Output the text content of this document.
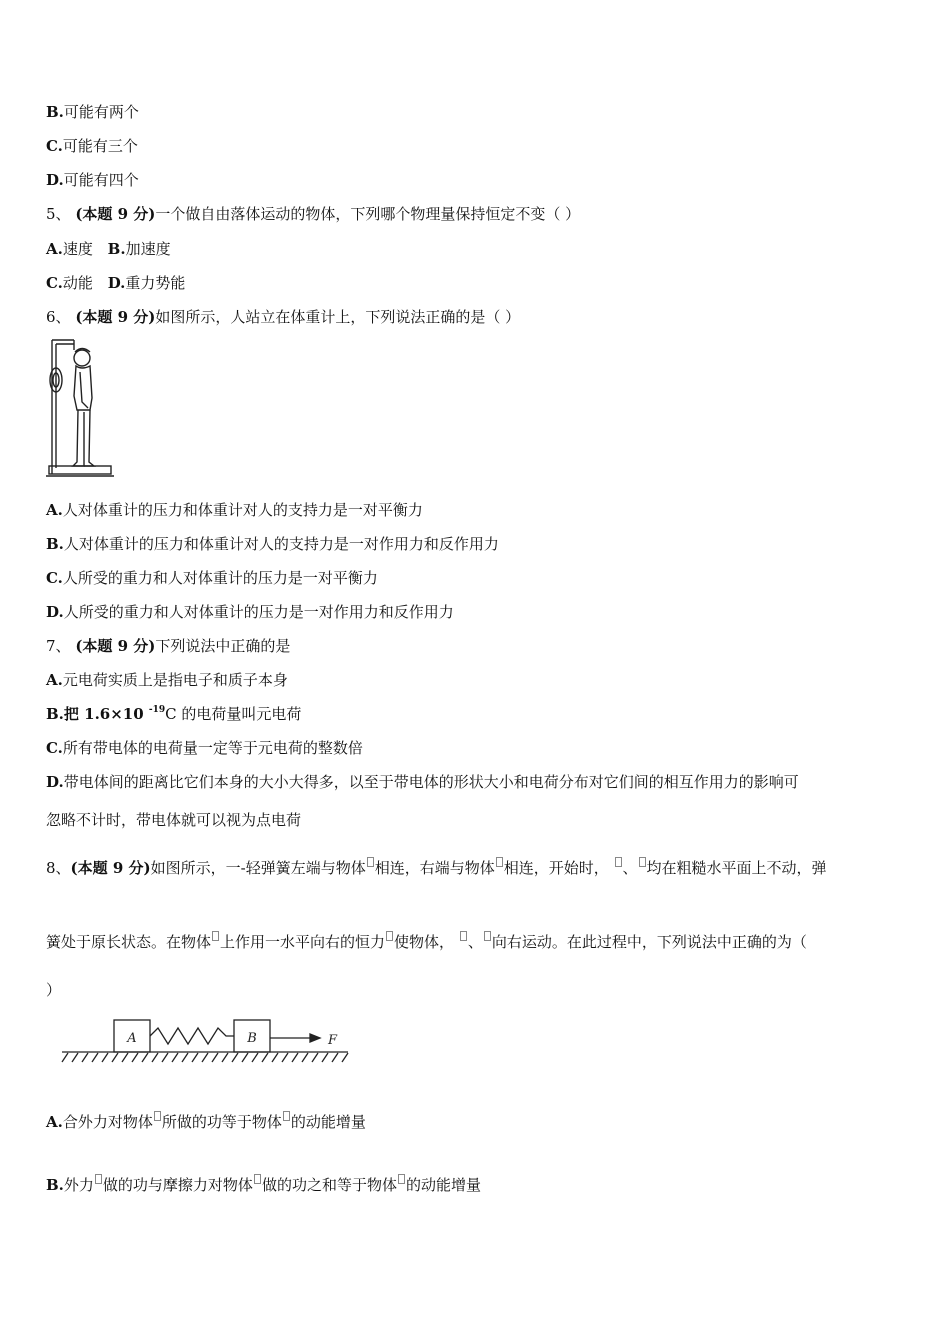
B.可能有两个
C.可能有三个
D.可能有四个
5、 (本题 9 分)一个做自由落体运动的物体，下列哪个物理量保持恒定不变（ ）
A.速度 B.加速度
C.动能 D.重力势能
6、 (本题 9 分)如图所示，人站立在体重计上，下列说法正确的是（ ）
A.人对体重计的压力和体重计对人的支持力是一对平衡力
B.人对体重计的压力和体重计对人的支持力是一对作用力和反作用力
C.人所受的重力和人对体重计的压力是一对平衡力
D.人所受的重力和人对体重计的压力是一对作用力和反作用力
7、 (本题 9 分)下列说法中正确的是
A.元电荷实质上是指电子和质子本身
B.把 1.6×10 $^{-19}$C 的电荷量叫元电荷
C.所有带电体的电荷量一定等于元电荷的整数倍
D.带电体间的距离比它们本身的大小大得多，以至于带电体的形状大小和电荷分布对它们间的相互作用力的影响可
忽略不计时，带电体就可以视为点电荷
8、(本题 9 分)如图所示，一-轻弹簧左端与物体 相连，右端与物体 相连，开始时， 、 均在粗糙水平面上不动，弹
簧处于原长状态。在物体 上作用一水平向右的恒力 使物体， 、 向右运动。在此过程中，下列说法中正确的为（
）
A	B	F
A.合外力对物体 所做的功等于物体 的动能增量
B.外力 做的功与摩擦力对物体 做的功之和等于物体 的动能增量
